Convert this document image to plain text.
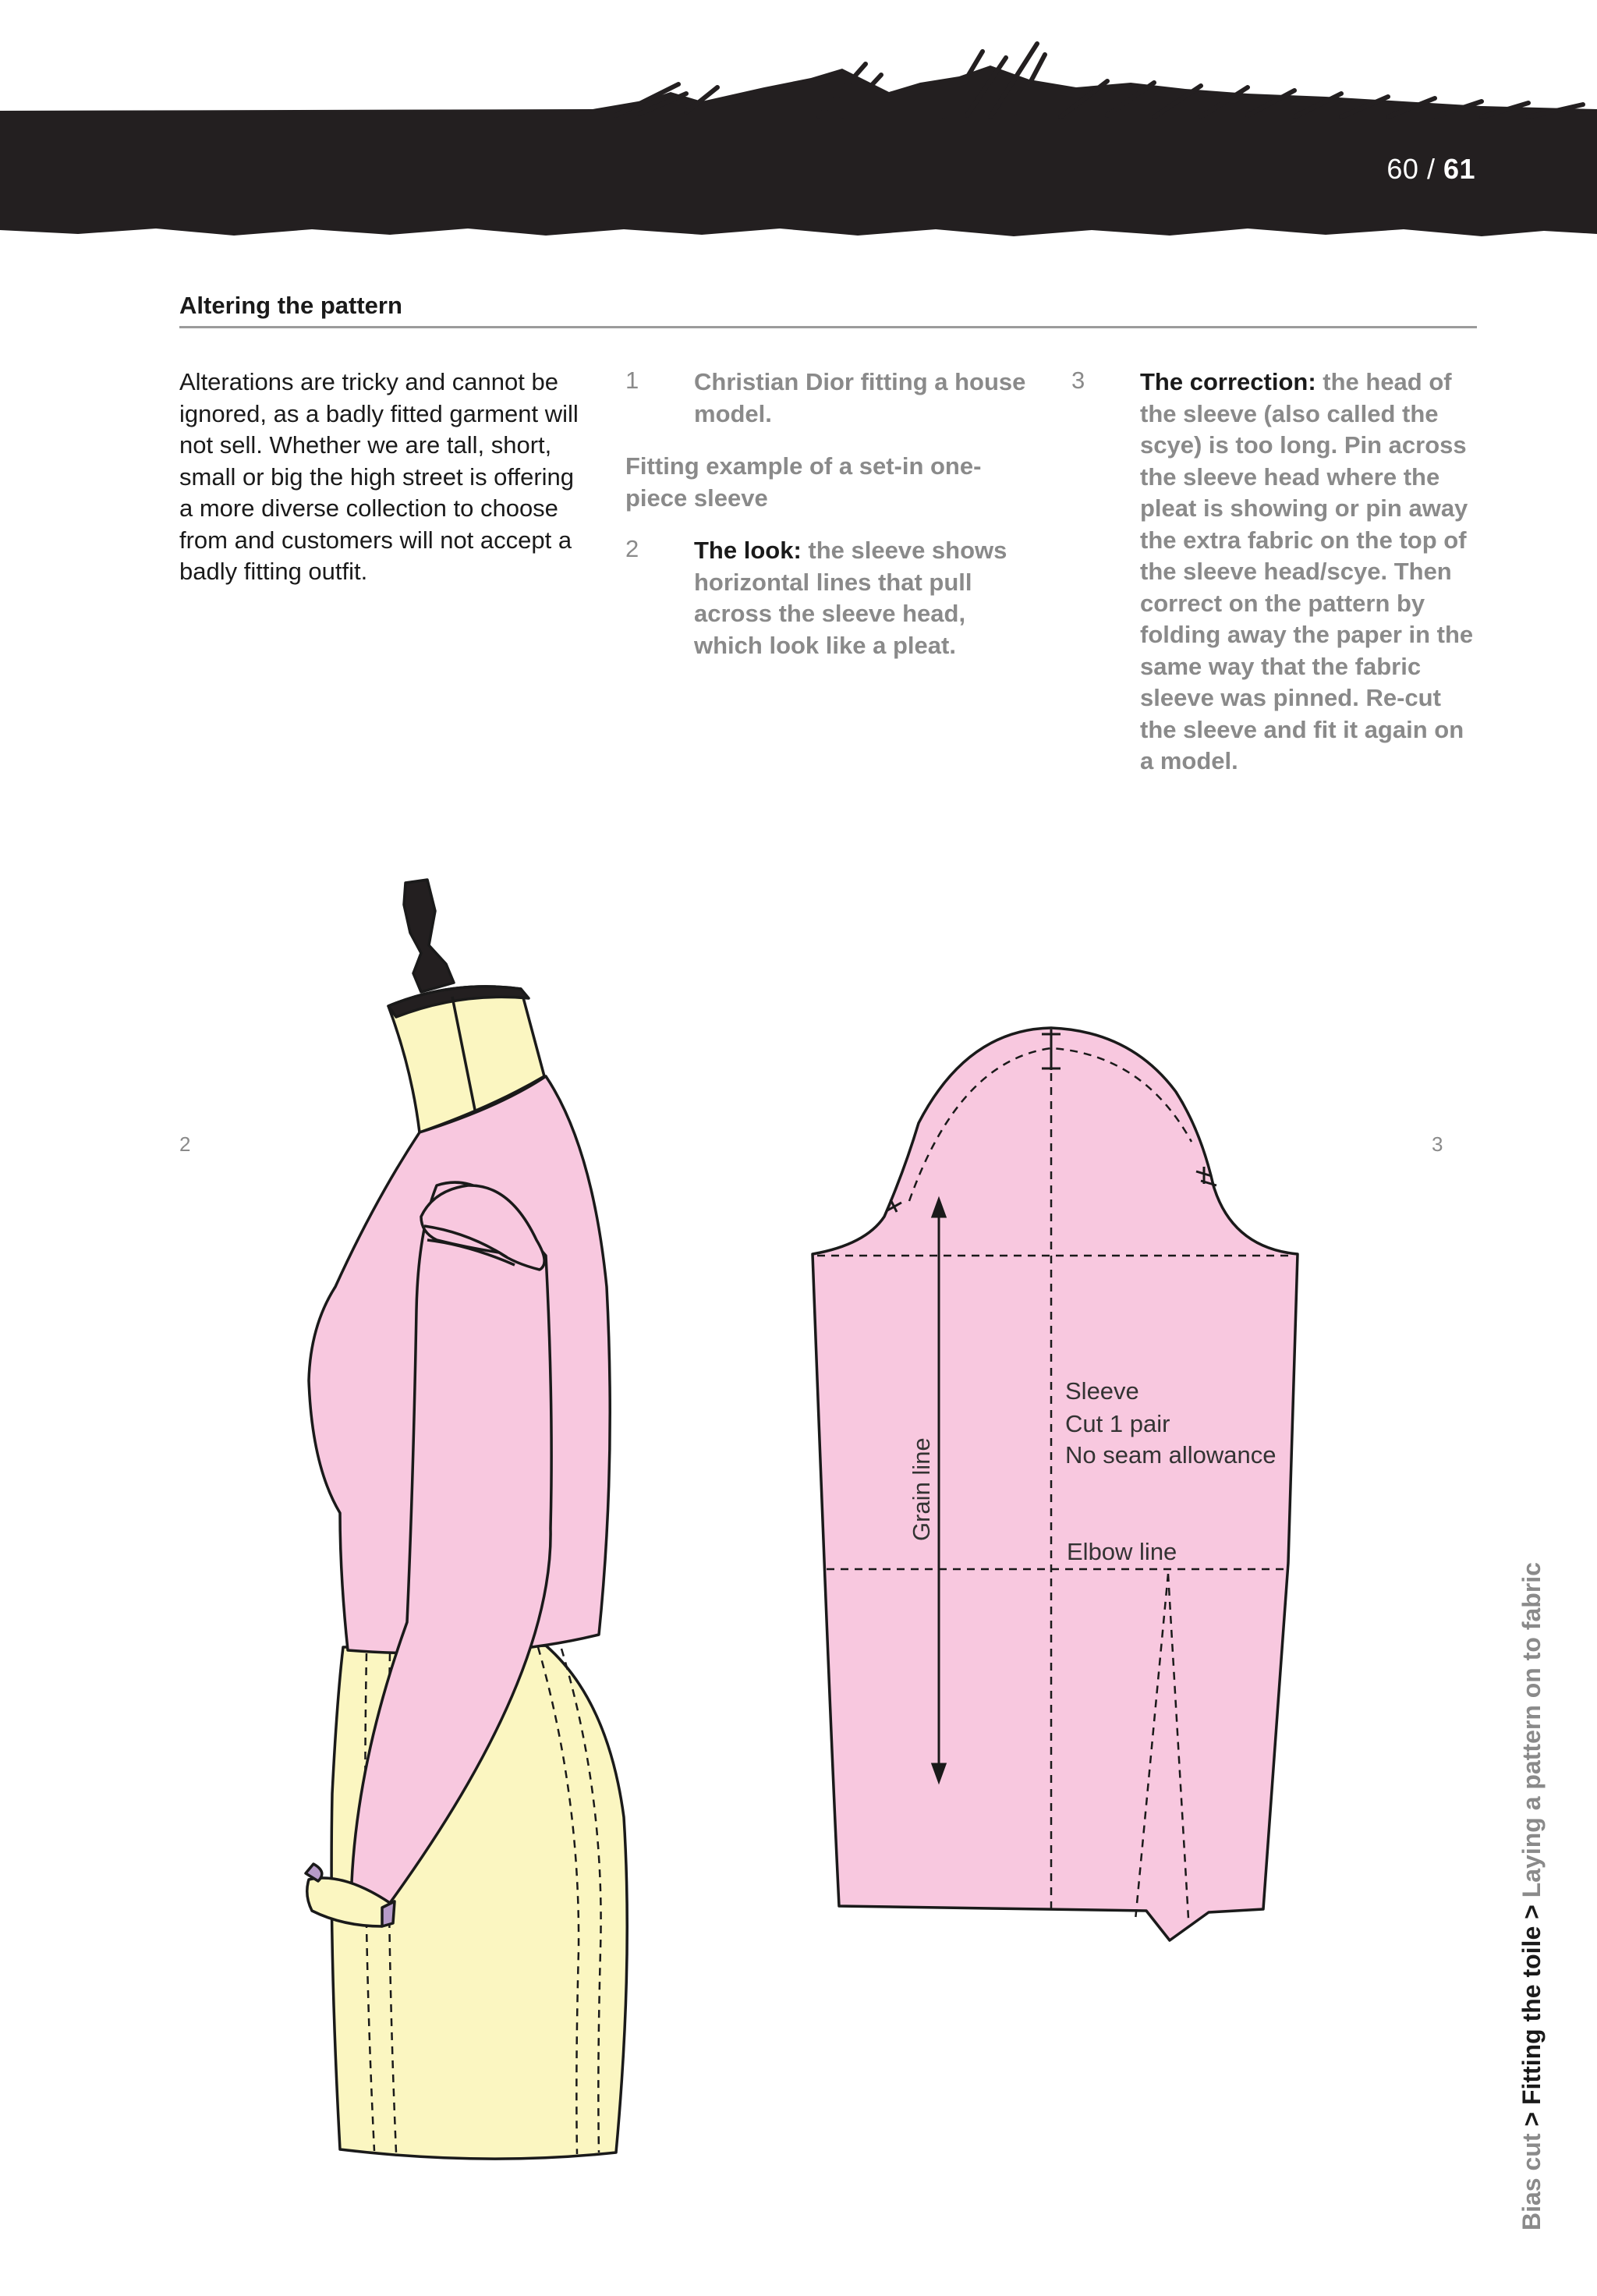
60 / 61
Altering the pattern
Alterations are tricky and cannot be ignored, as a badly fitted garment will not sell. Whether we are tall, short, small or big the high street is offering a more diverse collection to choose from and customers will not accept a badly fitting outfit.
1 Christian Dior fitting a house model.
Fitting example of a set-in one-piece sleeve
2 The look: the sleeve shows horizontal lines that pull across the sleeve head, which look like a pleat.
3 The correction: the head of the sleeve (also called the scye) is too long. Pin across the sleeve head where the pleat is showing or pin away the extra fabric on the top of the sleeve head/scye. Then correct on the pattern by folding away the paper in the same way that the fabric sleeve was pinned. Re-cut the sleeve and fit it again on a model.
2	3
Sleeve
Cut 1 pair
No seam allowance
Elbow line
Grain line
Bias cut > Fitting the toile > Laying a pattern on to fabric
